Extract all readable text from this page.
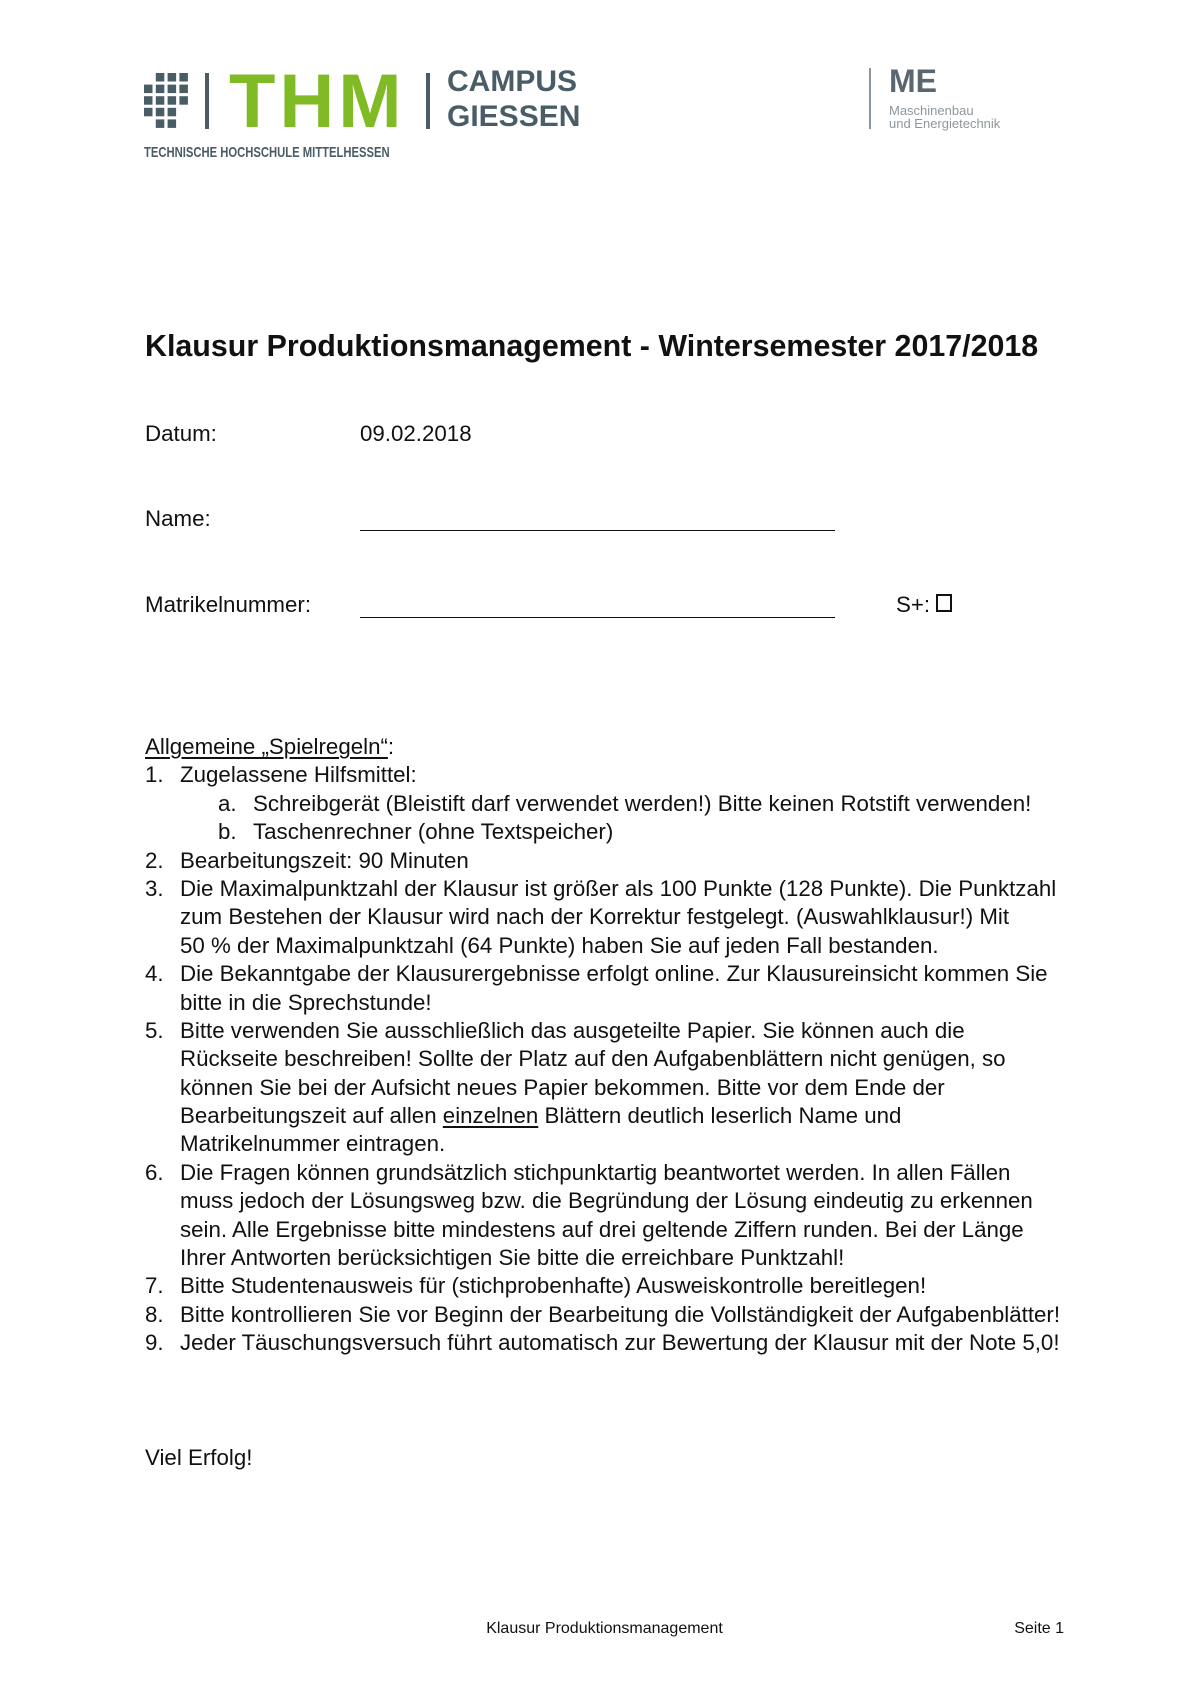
THM
TECHNISCHE HOCHSCHULE MITTELHESSEN
CAMPUS
GIESSEN
ME
Maschinenbau
und Energietechnik
Klausur Produktionsmanagement - Wintersemester 2017/2018
Datum:	09.02.2018
Name:
Matrikelnummer:	S+:
Allgemeine „Spielregeln“:
1. Zugelassene Hilfsmittel:
a. Schreibgerät (Bleistift darf verwendet werden!) Bitte keinen Rotstift verwenden!
b. Taschenrechner (ohne Textspeicher)
2. Bearbeitungszeit: 90 Minuten
3. Die Maximalpunktzahl der Klausur ist größer als 100 Punkte (128 Punkte). Die Punktzahl
zum Bestehen der Klausur wird nach der Korrektur festgelegt. (Auswahlklausur!) Mit
50 % der Maximalpunktzahl (64 Punkte) haben Sie auf jeden Fall bestanden.
4. Die Bekanntgabe der Klausurergebnisse erfolgt online. Zur Klausureinsicht kommen Sie
bitte in die Sprechstunde!
5. Bitte verwenden Sie ausschließlich das ausgeteilte Papier. Sie können auch die
Rückseite beschreiben! Sollte der Platz auf den Aufgabenblättern nicht genügen, so
können Sie bei der Aufsicht neues Papier bekommen. Bitte vor dem Ende der
Bearbeitungszeit auf allen einzelnen Blättern deutlich leserlich Name und
Matrikelnummer eintragen.
6. Die Fragen können grundsätzlich stichpunktartig beantwortet werden. In allen Fällen
muss jedoch der Lösungsweg bzw. die Begründung der Lösung eindeutig zu erkennen
sein. Alle Ergebnisse bitte mindestens auf drei geltende Ziffern runden. Bei der Länge
Ihrer Antworten berücksichtigen Sie bitte die erreichbare Punktzahl!
7. Bitte Studentenausweis für (stichprobenhafte) Ausweiskontrolle bereitlegen!
8. Bitte kontrollieren Sie vor Beginn der Bearbeitung die Vollständigkeit der Aufgabenblätter!
9. Jeder Täuschungsversuch führt automatisch zur Bewertung der Klausur mit der Note 5,0!
Viel Erfolg!
Klausur Produktionsmanagement	Seite 1
